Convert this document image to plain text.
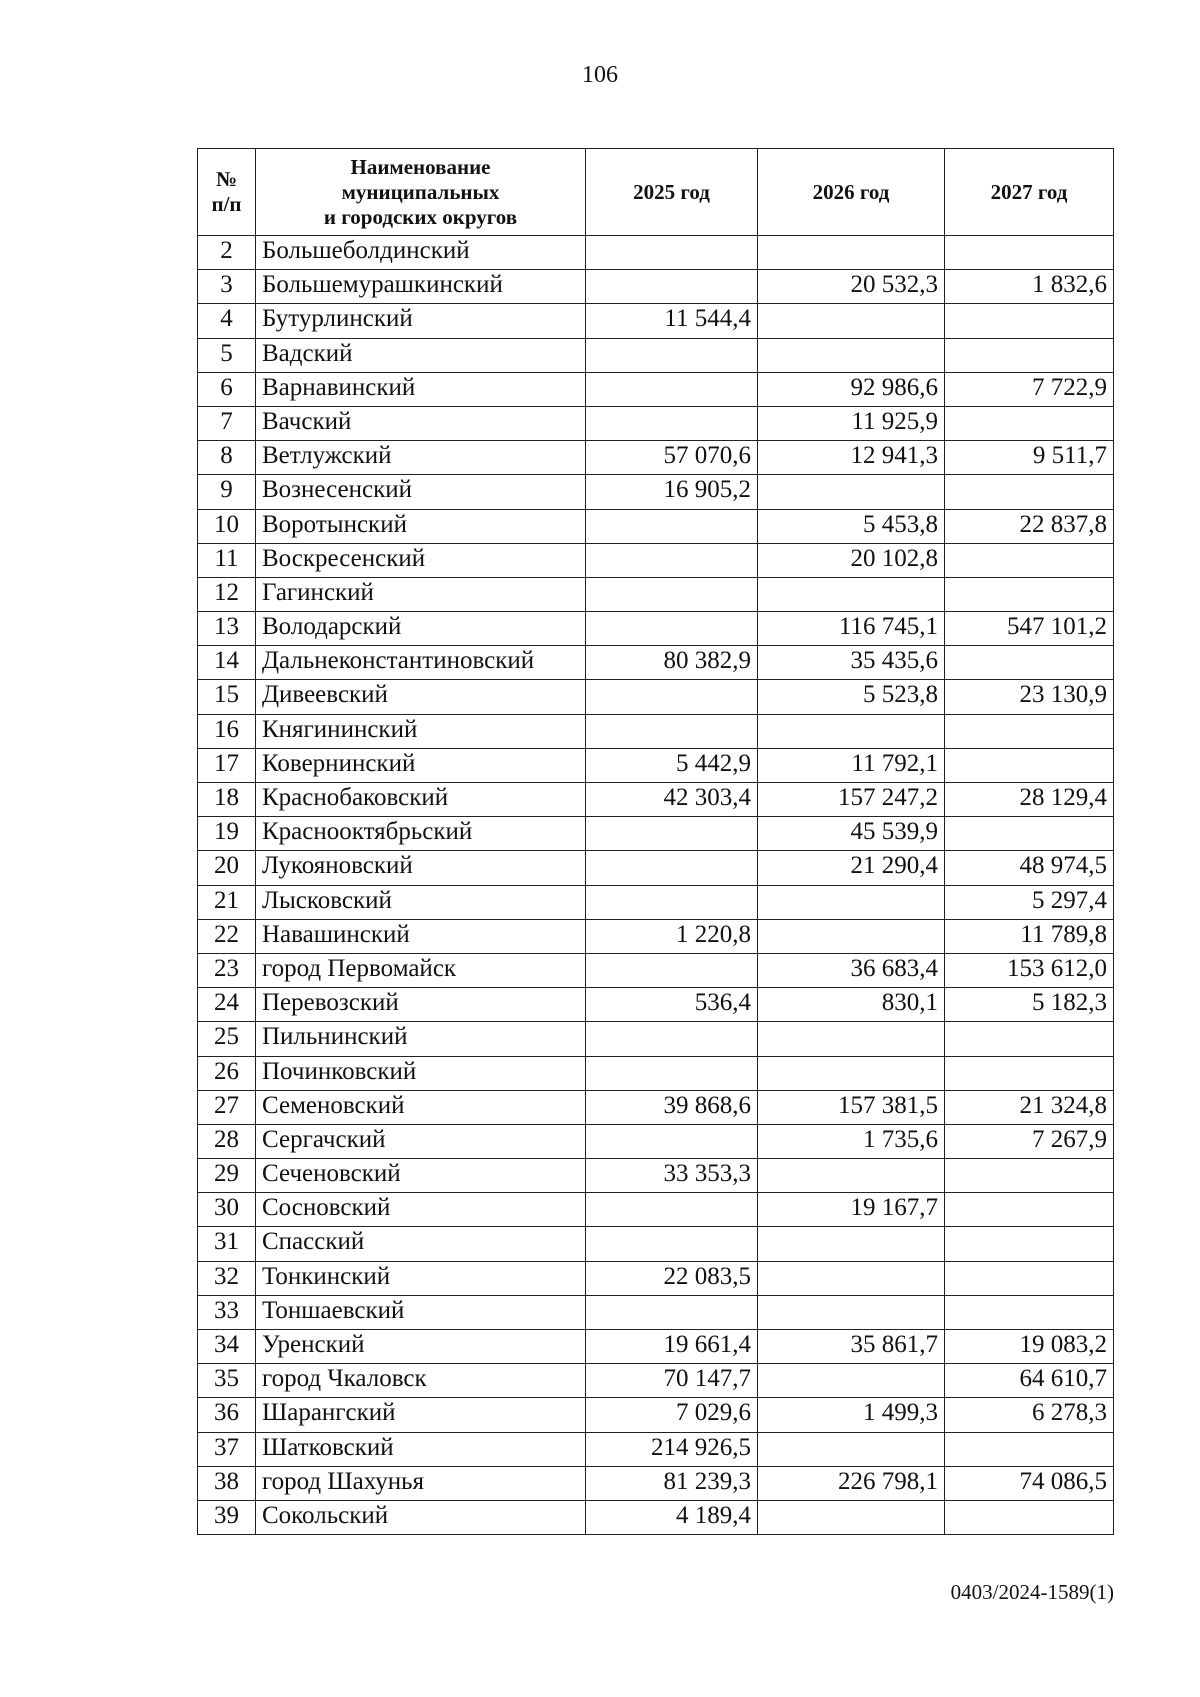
106
№
п/п	Наименование
муниципальных
и городских округов	2025 год	2026 год	2027 год
2	Большеболдинский			
3	Большемурашкинский		20 532,3	1 832,6
4	Бутурлинский	11 544,4		
5	Вадский			
6	Варнавинский		92 986,6	7 722,9
7	Вачский		11 925,9	
8	Ветлужский	57 070,6	12 941,3	9 511,7
9	Вознесенский	16 905,2		
10	Воротынский		5 453,8	22 837,8
11	Воскресенский		20 102,8	
12	Гагинский			
13	Володарский		116 745,1	547 101,2
14	Дальнеконстантиновский	80 382,9	35 435,6	
15	Дивеевский		5 523,8	23 130,9
16	Княгининский			
17	Ковернинский	5 442,9	11 792,1	
18	Краснобаковский	42 303,4	157 247,2	28 129,4
19	Краснооктябрьский		45 539,9	
20	Лукояновский		21 290,4	48 974,5
21	Лысковский			5 297,4
22	Навашинский	1 220,8		11 789,8
23	город Первомайск		36 683,4	153 612,0
24	Перевозский	536,4	830,1	5 182,3
25	Пильнинский			
26	Починковский			
27	Семеновский	39 868,6	157 381,5	21 324,8
28	Сергачский		1 735,6	7 267,9
29	Сеченовский	33 353,3		
30	Сосновский		19 167,7	
31	Спасский			
32	Тонкинский	22 083,5		
33	Тоншаевский			
34	Уренский	19 661,4	35 861,7	19 083,2
35	город Чкаловск	70 147,7		64 610,7
36	Шарангский	7 029,6	1 499,3	6 278,3
37	Шатковский	214 926,5		
38	город Шахунья	81 239,3	226 798,1	74 086,5
39	Сокольский	4 189,4		
0403/2024-1589(1)
